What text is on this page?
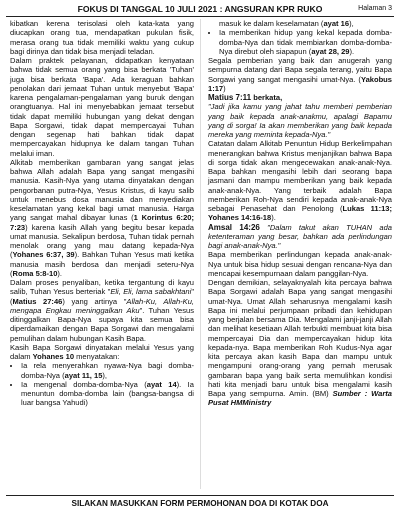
FOKUS DI TANGGAL 10 JULI 2021 : ANGSURAN KPR RUKO	Halaman 3

kibatkan kerena terisolasi oleh kata-kata yang diucapkan orang tua, mendapatkan pukulan fisik, merasa orang tua tidak memiliki waktu yang cukup bagi dirinya dan tidak bisa menjadi teladan.

Dalam praktek pelayanan, didapatkan kenyataan bahwa tidak semua orang yang bisa berkata 'Tuhan' juga bisa berkata 'Bapa'. Ada keraguan bahkan penolakan dari jemaat Tuhan untuk menyebut 'Bapa' karena pengalaman-pengalaman yang buruk dengan orangtuanya. Hal ini menyebabkan jemaat tersebut tidak dapat memiliki hubungan yang dekat dengan Bapa Sorgawi, tidak dapat mempercayai Tuhan dengan segenap hati bahkan tidak dapat mempercayakan hidupnya ke dalam tangan Tuhan melalui iman.

Alkitab memberikan gambaran yang sangat jelas bahwa Allah adalah Bapa yang sangat mengasihi manusia. Kasih-Nya yang utama dinyatakan dengan pengorbanan putra-Nya, Yesus Kristus, di kayu salib untuk menebus dosa manusia dan menyediakan keselamatan yang kekal bagi umat manusia. Harga yang sangat mahal dibayar lunas (1 Korintus 6:20; 7:23) karena kasih Allah yang begitu besar kepada umat manusia. Sekalipun berdosa, Tuhan tidak pernah menolak orang yang mau datang kepada-Nya (Yohanes 6:37, 39). Bahkan Tuhan Yesus mati ketika manusia masih berdosa dan menjadi seteru-Nya (Roma 5:8-10).

Dalam proses penyaliban, ketika tergantung di kayu salib, Tuhan Yesus berteriak "Eli, Eli, lama sabakhtani" (Matius 27:46) yang artinya "Allah-Ku, Allah-Ku, mengapa Engkau meninggalkan Aku". Tuhan Yesus ditinggalkan Bapa-Nya supaya kita semua bisa diperdamaikan dengan Bapa Sorgawi dan mengalami pemulihan dalam hubungan Kasih Bapa.

Kasih Bapa Sorgawi dinyatakan melalui Yesus yang dalam Yohanes 10 menyatakan:

• Ia rela menyerahkan nyawa-Nya bagi domba-domba-Nya (ayat 11, 15),
• Ia mengenal domba-domba-Nya (ayat 14). Ia menuntun domba-domba lain (bangsa-bangsa di luar bangsa Yahudi)

masuk ke dalam keselamatan (ayat 16),

• Ia memberikan hidup yang kekal kepada domba-domba-Nya dan tidak membiarkan domba-domba-Nya direbut oleh siapapun (ayat 28, 29).

Segala pemberian yang baik dan anugerah yang sempurna datang dari Bapa segala terang, yaitu Bapa Sorgawi yang sangat mengasihi umat-Nya. (Yakobus 1:17)

Matius 7:11 berkata,

"Jadi jika kamu yang jahat tahu memberi pemberian yang baik kepada anak-anakmu, apalagi Bapamu yang di sorga! Ia akan memberikan yang baik kepada mereka yang meminta kepada-Nya."

Catatan dalam Alkitab Penuntun Hidup Berkelimpahan menerangkan bahwa Kristus menjanjikan bahwa Bapa di sorga tidak akan mengecewakan anak-anak-Nya. Bapa bahkan mengasihi lebih dari seorang bapa jasmani dan mampu memberikan yang baik kepada anak-anak-Nya. Yang terbaik adalah Bapa memberikan Roh-Nya sendiri kepada anak-anak-Nya sebagai Penasehat dan Penolong (Lukas 11:13; Yohanes 14:16-18).

Amsal 14:26 "Dalam takut akan TUHAN ada ketenteraman yang besar, bahkan ada perlindungan bagi anak-anak-Nya."

Bapa memberikan perlindungan kepada anak-anak-Nya untuk bisa hidup sesuai dengan rencana-Nya dan mencapai kesempurnaan dalam panggilan-Nya.

Dengan demikian, selayaknyalah kita percaya bahwa Bapa Sorgawi adalah Bapa yang sangat mengasihi umat-Nya. Umat Allah seharusnya mengalami kasih Bapa ini melalui perjumpaan pribadi dan kehidupan yang berjalan bersama Dia. Mengalami janji-janji Allah dan melihat kesetiaan Allah terbukti membuat kita bisa mempercayai Dia dan mempercayakan hidup kita kepada-nya. Bapa memberikan Roh Kudus-Nya agar kita percaya akan kasih Bapa dan mampu untuk mengampuni orang-orang yang pernah merusak gambaran bapa yang baik serta memulihkan kondisi hati kita menjadi baru untuk bisa mengalami kasih Bapa yang sempurna. Amin. (BM) Sumber : Warta Pusat HMMinistry

SILAKAN MASUKKAN FORM PERMOHONAN DOA DI KOTAK DOA
